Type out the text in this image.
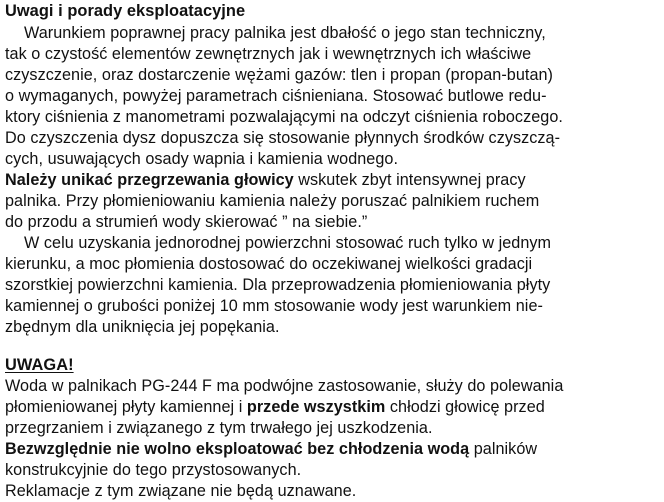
Uwagi i porady eksploatacyjne
Warunkiem poprawnej pracy palnika jest dbałość o jego stan techniczny,
tak o czystość elementów zewnętrznych jak i wewnętrznych ich właściwe
czyszczenie, oraz dostarczenie wężami gazów: tlen i propan (propan-butan)
o wymaganych, powyżej parametrach ciśnieniana. Stosować butlowe redu-
ktory ciśnienia z manometrami pozwalającymi na odczyt ciśnienia roboczego.
Do czyszczenia dysz dopuszcza się stosowanie płynnych środków czyszczą-
cych, usuwających osady wapnia i kamienia wodnego.
Należy unikać przegrzewania głowicy wskutek zbyt intensywnej pracy
palnika. Przy płomieniowaniu kamienia należy poruszać palnikiem ruchem
do przodu a strumień wody skierować ” na siebie.”
W celu uzyskania jednorodnej powierzchni stosować ruch tylko w jednym
kierunku, a moc płomienia dostosować do oczekiwanej wielkości gradacji
szorstkiej powierzchni kamienia. Dla przeprowadzenia płomieniowania płyty
kamiennej o grubości poniżej 10 mm stosowanie wody jest warunkiem nie-
zbędnym dla uniknięcia jej popękania.
UWAGA!
Woda w palnikach PG-244 F ma podwójne zastosowanie, służy do polewania
płomieniowanej płyty kamiennej i przede wszystkim chłodzi głowicę przed
przegrzaniem i związanego z tym trwałego jej uszkodzenia.
Bezwzględnie nie wolno eksploatować bez chłodzenia wodą palników
konstrukcyjnie do tego przystosowanych.
Reklamacje z tym związane nie będą uznawane.
